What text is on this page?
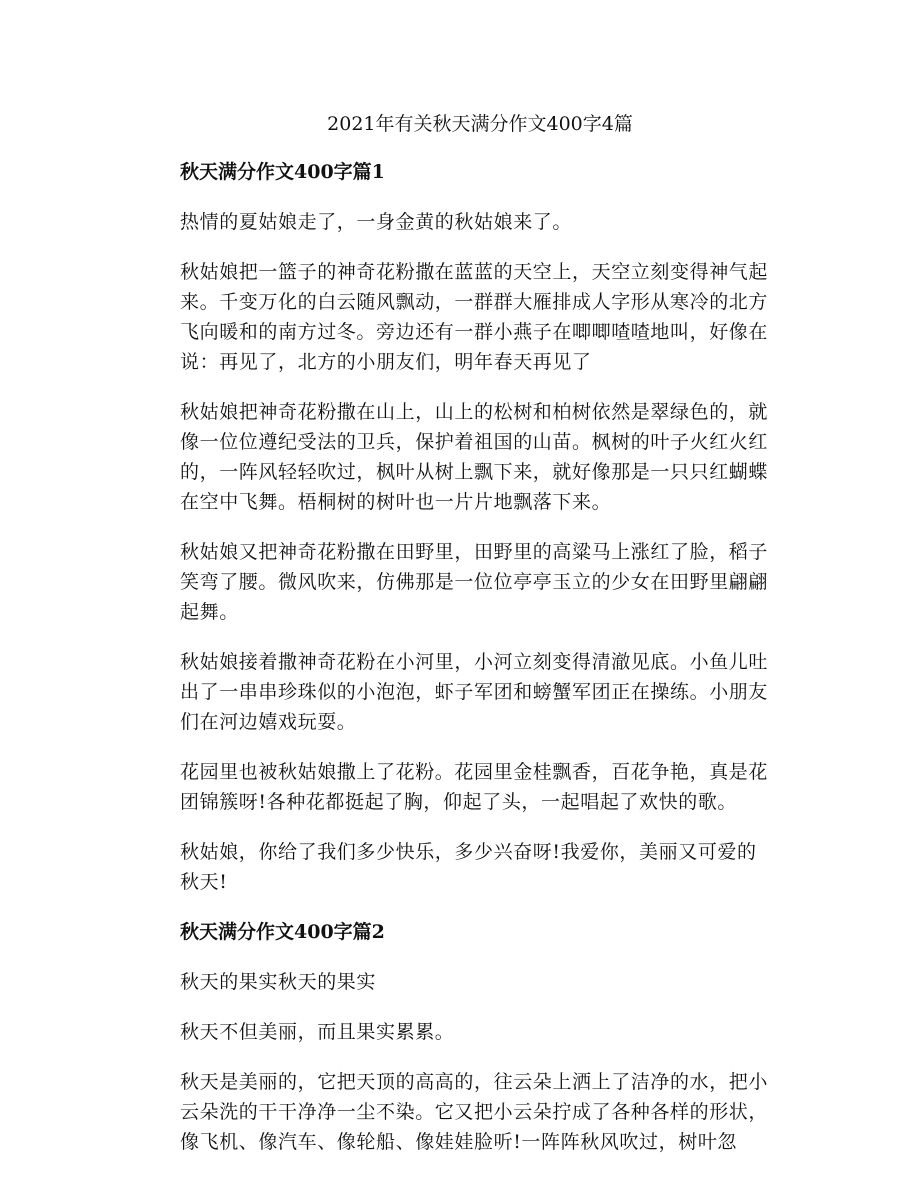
2021年有关秋天满分作文400字4篇

秋天满分作文400字篇1

热情的夏姑娘走了，一身金黄的秋姑娘来了。

秋姑娘把一篮子的神奇花粉撒在蓝蓝的天空上，天空立刻变得神气起来。千变万化的白云随风飘动，一群群大雁排成人字形从寒冷的北方飞向暖和的南方过冬。旁边还有一群小燕子在唧唧喳喳地叫，好像在说：再见了，北方的小朋友们，明年春天再见了

秋姑娘把神奇花粉撒在山上，山上的松树和柏树依然是翠绿色的，就像一位位遵纪受法的卫兵，保护着祖国的山苗。枫树的叶子火红火红的，一阵风轻轻吹过，枫叶从树上飘下来，就好像那是一只只红蝴蝶在空中飞舞。梧桐树的树叶也一片片地飘落下来。

秋姑娘又把神奇花粉撒在田野里，田野里的高粱马上涨红了脸，稻子笑弯了腰。微风吹来，仿佛那是一位位亭亭玉立的少女在田野里翩翩起舞。

秋姑娘接着撒神奇花粉在小河里，小河立刻变得清澈见底。小鱼儿吐出了一串串珍珠似的小泡泡，虾子军团和螃蟹军团正在操练。小朋友们在河边嬉戏玩耍。

花园里也被秋姑娘撒上了花粉。花园里金桂飘香，百花争艳，真是花团锦簇呀!各种花都挺起了胸，仰起了头，一起唱起了欢快的歌。

秋姑娘，你给了我们多少快乐，多少兴奋呀!我爱你，美丽又可爱的秋天!

秋天满分作文400字篇2

秋天的果实秋天的果实

秋天不但美丽，而且果实累累。

秋天是美丽的，它把天顶的高高的，往云朵上洒上了洁净的水，把小云朵洗的干干净净一尘不染。它又把小云朵拧成了各种各样的形状，像飞机、像汽车、像轮船、像娃娃脸听!一阵阵秋风吹过，树叶忽
